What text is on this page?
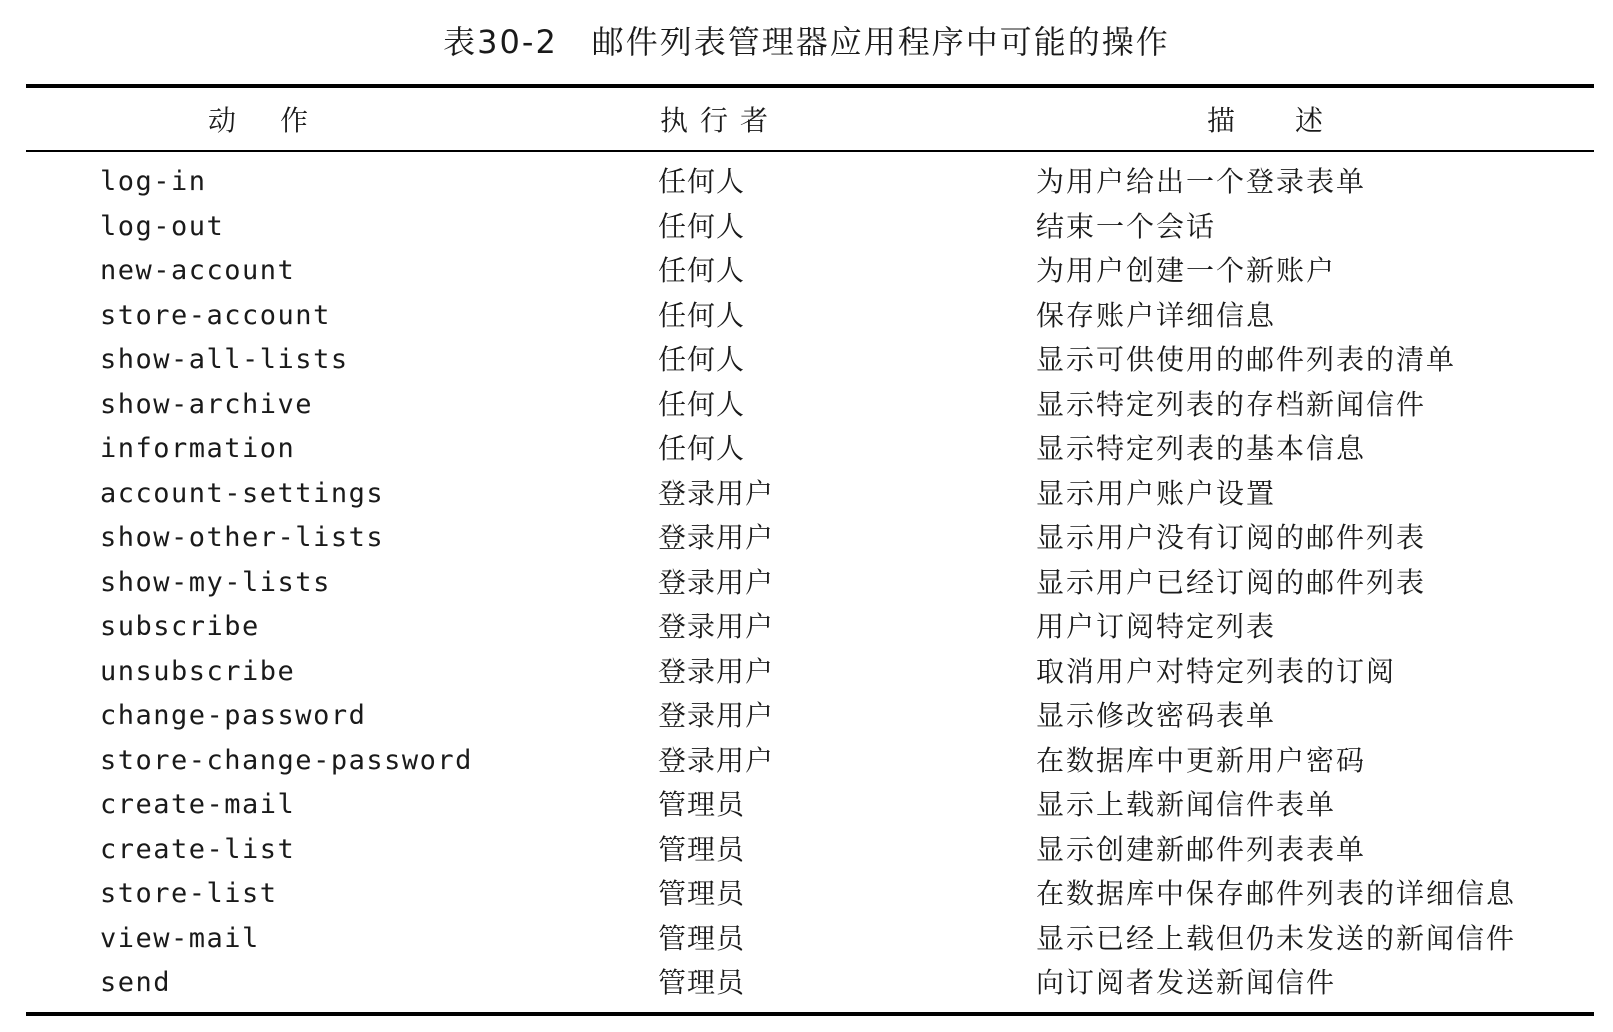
表30-2　邮件列表管理器应用程序中可能的操作
动作	执行者	描述
log-in	任何人	为用户给出一个登录表单
log-out	任何人	结束一个会话
new-account	任何人	为用户创建一个新账户
store-account	任何人	保存账户详细信息
show-all-lists	任何人	显示可供使用的邮件列表的清单
show-archive	任何人	显示特定列表的存档新闻信件
information	任何人	显示特定列表的基本信息
account-settings	登录用户	显示用户账户设置
show-other-lists	登录用户	显示用户没有订阅的邮件列表
show-my-lists	登录用户	显示用户已经订阅的邮件列表
subscribe	登录用户	用户订阅特定列表
unsubscribe	登录用户	取消用户对特定列表的订阅
change-password	登录用户	显示修改密码表单
store-change-password	登录用户	在数据库中更新用户密码
create-mail	管理员	显示上载新闻信件表单
create-list	管理员	显示创建新邮件列表表单
store-list	管理员	在数据库中保存邮件列表的详细信息
view-mail	管理员	显示已经上载但仍未发送的新闻信件
send	管理员	向订阅者发送新闻信件
